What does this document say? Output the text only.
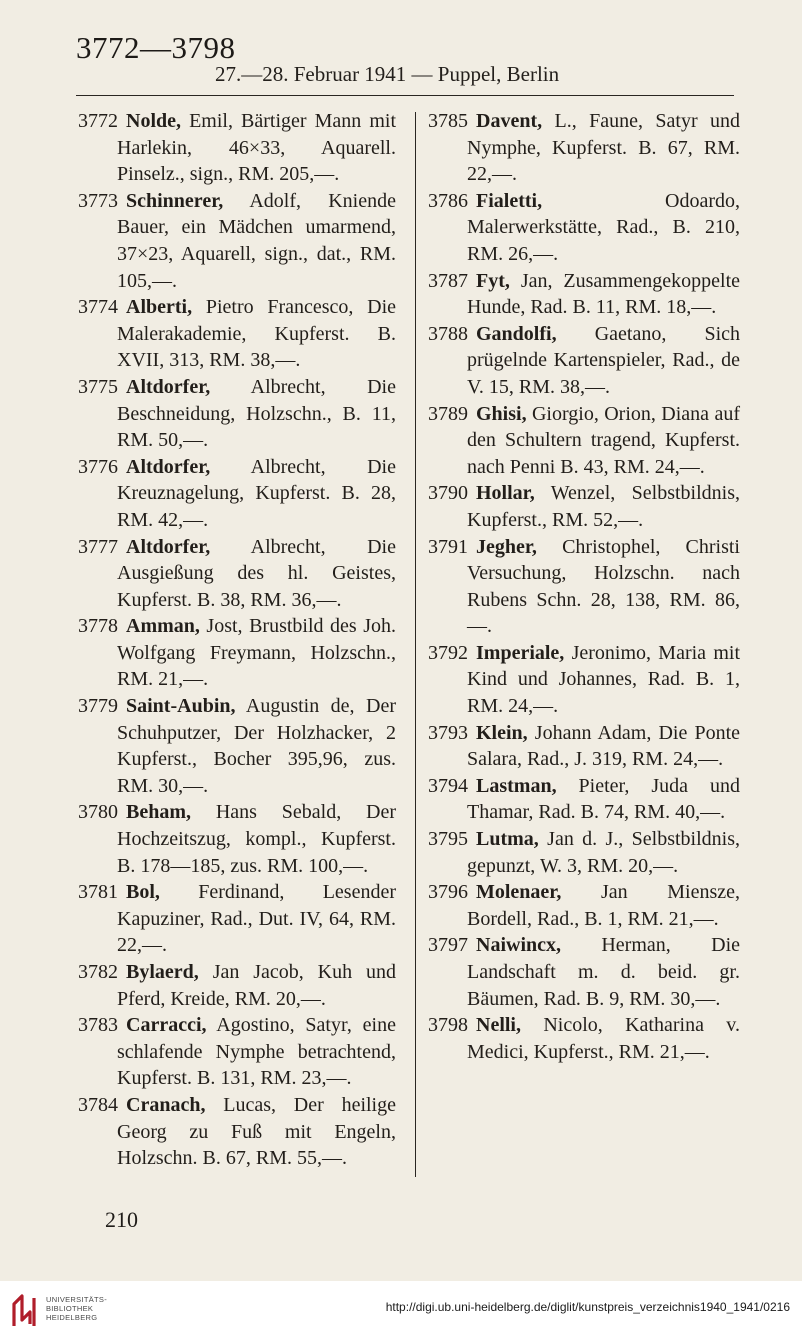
3772—3798
27.—28. Februar 1941 — Puppel, Berlin

3772 Nolde, Emil, Bärtiger Mann mit Harlekin, 46×33, Aquarell. Pinselz., sign., RM. 205,—.

3773 Schinnerer, Adolf, Kniende Bauer, ein Mädchen umarmend, 37×23, Aquarell, sign., dat., RM. 105,—.

3774 Alberti, Pietro Francesco, Die Malerakademie, Kupferst. B. XVII, 313, RM. 38,—.

3775 Altdorfer, Albrecht, Die Beschneidung, Holzschn., B. 11, RM. 50,—.

3776 Altdorfer, Albrecht, Die Kreuznagelung, Kupferst. B. 28, RM. 42,—.

3777 Altdorfer, Albrecht, Die Ausgießung des hl. Geistes, Kupferst. B. 38, RM. 36,—.

3778 Amman, Jost, Brustbild des Joh. Wolfgang Freymann, Holzschn., RM. 21,—.

3779 Saint-Aubin, Augustin de, Der Schuhputzer, Der Holzhacker, 2 Kupferst., Bocher 395,96, zus. RM. 30,—.

3780 Beham, Hans Sebald, Der Hochzeitszug, kompl., Kupferst. B. 178—185, zus. RM. 100,—.

3781 Bol, Ferdinand, Lesender Kapuziner, Rad., Dut. IV, 64, RM. 22,—.

3782 Bylaerd, Jan Jacob, Kuh und Pferd, Kreide, RM. 20,—.

3783 Carracci, Agostino, Satyr, eine schlafende Nymphe betrachtend, Kupferst. B. 131, RM. 23,—.

3784 Cranach, Lucas, Der heilige Georg zu Fuß mit Engeln, Holzschn. B. 67, RM. 55,—.

3785 Davent, L., Faune, Satyr und Nymphe, Kupferst. B. 67, RM. 22,—.

3786 Fialetti,	Odoardo, Malerwerkstätte, Rad., B. 210, RM. 26,—.

3787 Fyt, Jan, Zusammengekoppelte Hunde, Rad. B. 11, RM. 18,—.

3788 Gandolfi, Gaetano, Sich prügelnde Kartenspieler, Rad., de V. 15, RM. 38,—.

3789 Ghisi, Giorgio, Orion, Diana auf den Schultern tragend, Kupferst. nach Penni B. 43, RM. 24,—.

3790 Hollar, Wenzel, Selbstbildnis, Kupferst., RM. 52,—.

3791 Jegher, Christophel, Christi Versuchung, Holzschn. nach Rubens Schn. 28, 138, RM. 86,—.

3792 Imperiale, Jeronimo, Maria mit Kind und Johannes, Rad. B. 1, RM. 24,—.

3793 Klein, Johann Adam, Die Ponte Salara, Rad., J. 319, RM. 24,—.

3794 Lastman, Pieter, Juda und Thamar, Rad. B. 74, RM. 40,—.

3795 Lutma, Jan d. J., Selbstbildnis, gepunzt, W. 3, RM. 20,—.

3796 Molenaer, Jan Miensze, Bordell, Rad., B. 1, RM. 21,—.

3797 Naiwincx, Herman, Die Landschaft m. d. beid. gr. Bäumen, Rad. B. 9, RM. 30,—.

3798 Nelli, Nicolo, Katharina v. Medici, Kupferst., RM. 21,—.

210
UNIVERSITÄTS-
BIBLIOTHEK
HEIDELBERG
http://digi.ub.uni-heidelberg.de/diglit/kunstpreis_verzeichnis1940_1941/0216
